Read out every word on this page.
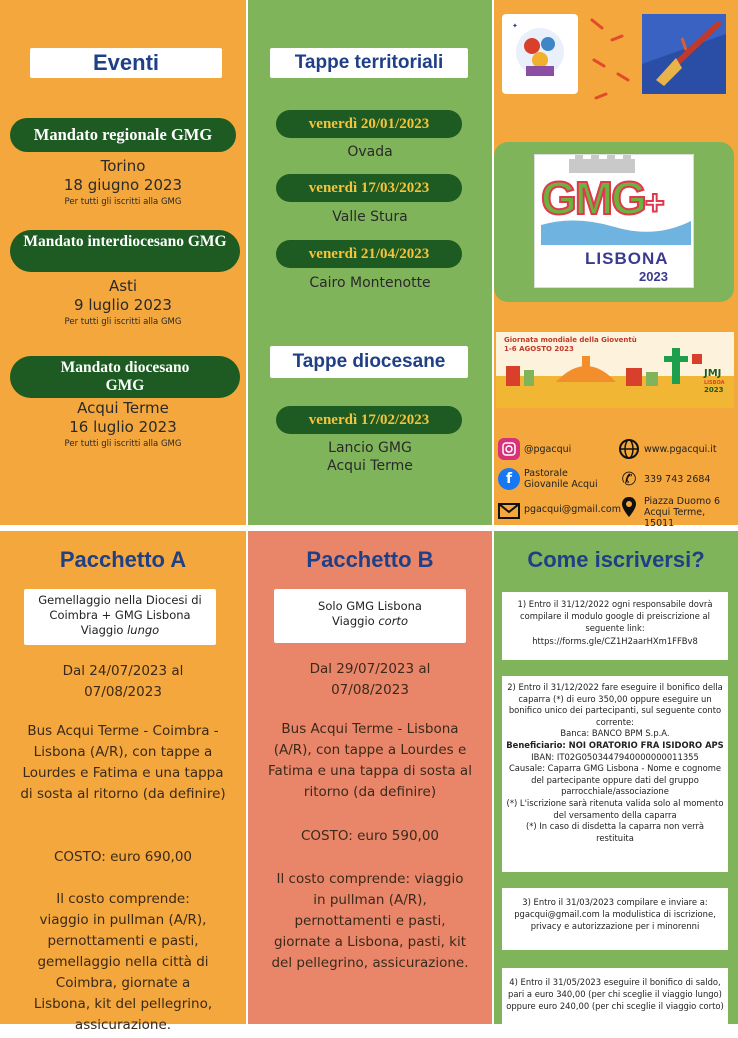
Eventi
Mandato regionale GMG
Torino
18 giugno 2023
Per tutti gli iscritti alla GMG
Mandato interdiocesano GMG
Asti
9 luglio 2023
Per tutti gli iscritti alla GMG
Mandato diocesano GMG
Acqui Terme
16 luglio 2023
Per tutti gli iscritti alla GMG
Tappe territoriali
venerdì 20/01/2023
Ovada
venerdì 17/03/2023
Valle Stura
venerdì 21/04/2023
Cairo Montenotte
Tappe diocesane
venerdì 17/02/2023
Lancio GMG
Acqui Terme
✦
GMG+
LISBONA
2023
Giornata mondiale della Gioventù
1-6 AGOSTO 2023
JMJ
LISBOA
2023
@pgacqui	www.pgacqui.it
f	Pastorale Giovanile Acqui	✆ 339 743 2684
pgacqui@gmail.com
Piazza Duomo 6
Acqui Terme, 15011
Pacchetto A
Gemellaggio nella Diocesi di
Coimbra + GMG Lisbona
Viaggio lungo
Dal 24/07/2023 al 07/08/2023
Bus Acqui Terme - Coimbra - Lisbona (A/R), con tappe a Lourdes e Fatima e una tappa di sosta al ritorno (da definire)
COSTO: euro 690,00
Il costo comprende: viaggio in pullman (A/R), pernottamenti e pasti, gemellaggio nella città di Coimbra, giornate a Lisbona, kit del pellegrino, assicurazione.
Pacchetto B
Solo GMG Lisbona
Viaggio corto
Dal 29/07/2023 al 07/08/2023
Bus Acqui Terme - Lisbona (A/R), con tappe a Lourdes e Fatima e una tappa di sosta al ritorno (da definire)
COSTO: euro 590,00
Il costo comprende: viaggio in pullman (A/R), pernottamenti e pasti, giornate a Lisbona, pasti, kit del pellegrino, assicurazione.
Come iscriversi?
1) Entro il 31/12/2022 ogni responsabile dovrà compilare il modulo google di preiscrizione al seguente link:
https://forms.gle/CZ1H2aarHXm1FFBv8
2) Entro il 31/12/2022 fare eseguire il bonifico della caparra (*) di euro 350,00 oppure eseguire un bonifico unico dei partecipanti, sul seguente conto corrente:
Banca: BANCO BPM S.p.A.
Beneficiario: NOI ORATORIO FRA ISIDORO APS
IBAN: IT02G0503447940000000011355
Causale: Caparra GMG Lisbona - Nome e cognome del partecipante oppure dati del gruppo parrocchiale/associazione
(*) L'iscrizione sarà ritenuta valida solo al momento del versamento della caparra
(*) In caso di disdetta la caparra non verrà restituita
3) Entro il 31/03/2023 compilare e inviare a: pgacqui@gmail.com la modulistica di iscrizione, privacy e autorizzazione per i minorenni
4) Entro il 31/05/2023 eseguire il bonifico di saldo, pari a euro 340,00 (per chi sceglie il viaggio lungo) oppure euro 240,00 (per chi sceglie il viaggio corto)
